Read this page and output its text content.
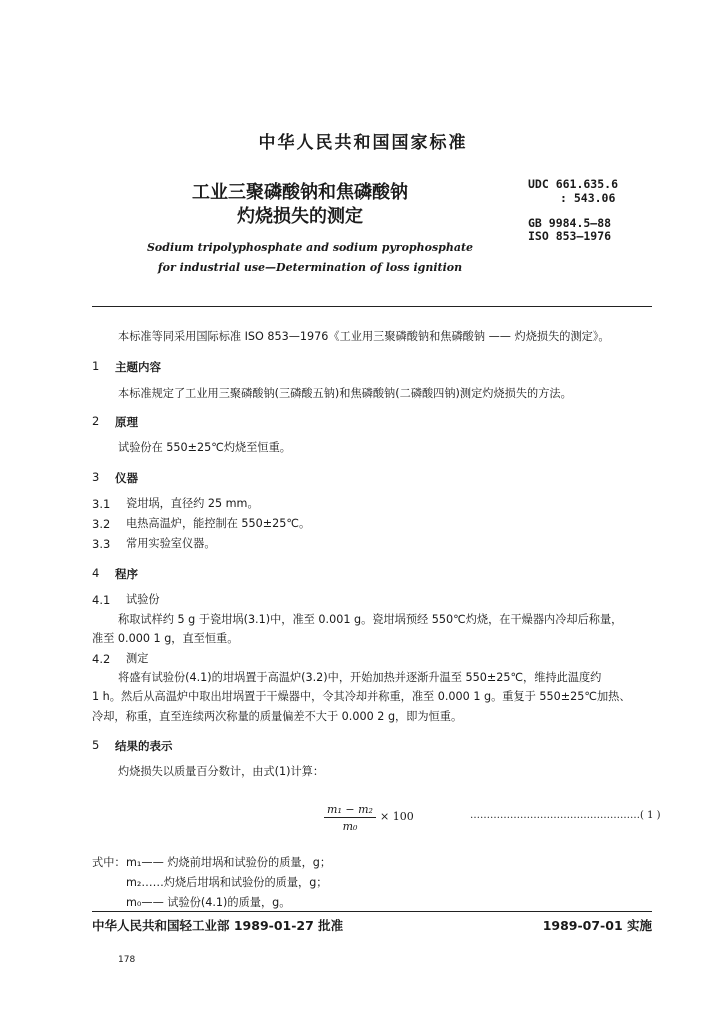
中华人民共和国国家标准
工业三聚磷酸钠和焦磷酸钠
灼烧损失的测定
UDC 661.635.6
: 543.06
GB 9984.5—88
ISO 853—1976
Sodium tripolyphosphate and sodium pyrophosphate
for industrial use—Determination of loss ignition
本标准等同采用国际标准 ISO 853—1976《工业用三聚磷酸钠和焦磷酸钠 —— 灼烧损失的测定》。
1 主题内容
本标准规定了工业用三聚磷酸钠(三磷酸五钠)和焦磷酸钠(二磷酸四钠)测定灼烧损失的方法。
2 原理
试验份在 550±25℃灼烧至恒重。
3 仪器
3.1 瓷坩埚，直径约 25 mm。
3.2 电热高温炉，能控制在 550±25℃。
3.3 常用实验室仪器。
4 程序
4.1 试验份
称取试样约 5 g 于瓷坩埚(3.1)中，准至 0.001 g。瓷坩埚预经 550℃灼烧，在干燥器内冷却后称量，
准至 0.000 1 g，直至恒重。
4.2 测定
将盛有试验份(4.1)的坩埚置于高温炉(3.2)中，开始加热并逐渐升温至 550±25℃，维持此温度约
1 h。然后从高温炉中取出坩埚置于干燥器中，令其冷却并称重，准至 0.000 1 g。重复于 550±25℃加热、
冷却，称重，直至连续两次称量的质量偏差不大于 0.000 2 g，即为恒重。
5 结果的表示
灼烧损失以质量百分数计，由式(1)计算：
m₁ − m₂
m₀
× 100	……………………………………………( 1 )
式中： m₁—— 灼烧前坩埚和试验份的质量，g；
m₂……灼烧后坩埚和试验份的质量，g；
m₀—— 试验份(4.1)的质量，g。
中华人民共和国轻工业部 1989-01-27 批准	1989-07-01 实施
178
